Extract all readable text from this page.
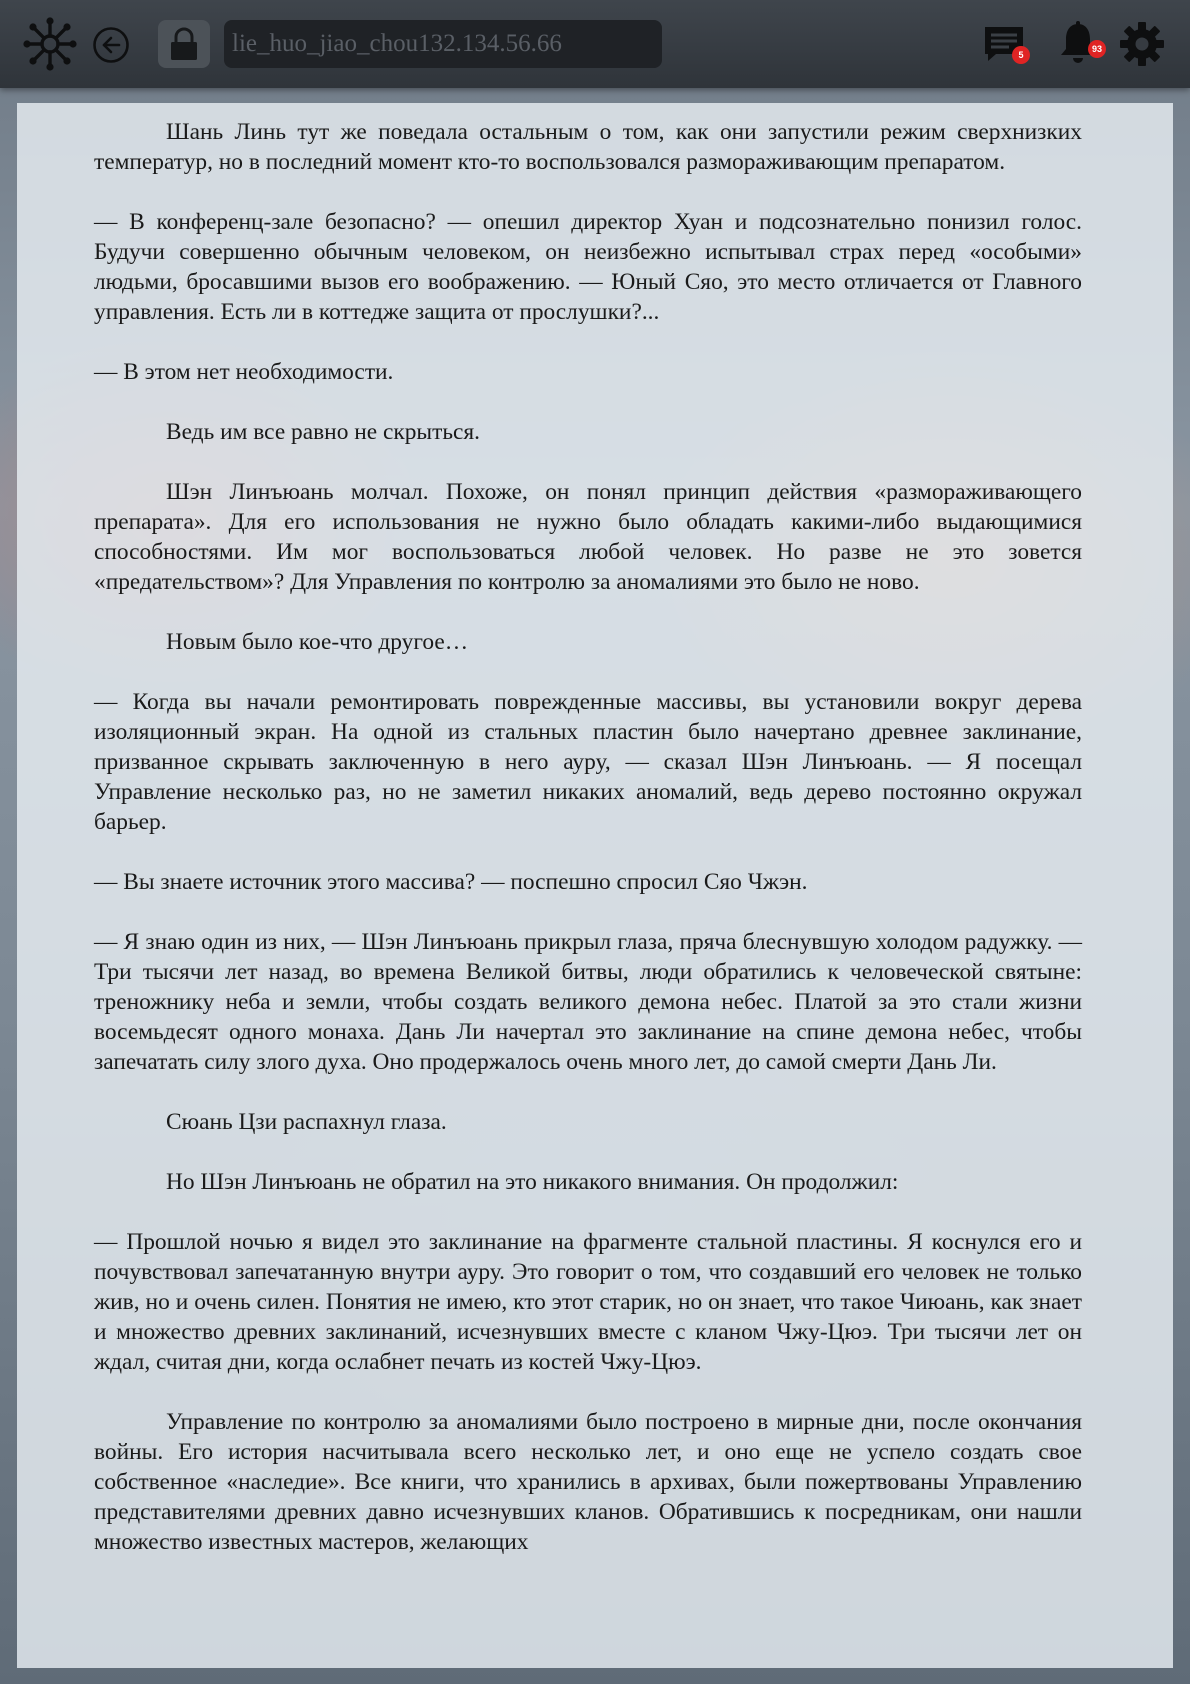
lie_huo_jiao_chou132.134.56.66	5
93

Шань Линь тут же поведала остальным о том, как они запустили режим сверхнизких температур, но в последний момент кто-то воспользовался размораживающим препаратом.

— В конференц-зале безопасно? — опешил директор Хуан и подсознательно понизил голос. Будучи совершенно обычным человеком, он неизбежно испытывал страх перед «особыми» людьми, бросавшими вызов его воображению. — Юный Сяо, это место отличается от Главного управления. Есть ли в коттедже защита от прослушки?...

— В этом нет необходимости.

Ведь им все равно не скрыться.

Шэн Линъюань молчал. Похоже, он понял принцип действия «размораживающего препарата». Для его использования не нужно было обладать какими-либо выдающимися способностями. Им мог воспользоваться любой человек. Но разве не это зовется «предательством»? Для Управления по контролю за аномалиями это было не ново.

Новым было кое-что другое…

— Когда вы начали ремонтировать поврежденные массивы, вы установили вокруг дерева изоляционный экран. На одной из стальных пластин было начертано древнее заклинание, призванное скрывать заключенную в него ауру, — сказал Шэн Линъюань. — Я посещал Управление несколько раз, но не заметил никаких аномалий, ведь дерево постоянно окружал барьер.

— Вы знаете источник этого массива? — поспешно спросил Сяо Чжэн.

— Я знаю один из них, — Шэн Линъюань прикрыл глаза, пряча блеснувшую холодом радужку. — Три тысячи лет назад, во времена Великой битвы, люди обратились к человеческой святыне: треножнику неба и земли, чтобы создать великого демона небес. Платой за это стали жизни восемьдесят одного монаха. Дань Ли начертал это заклинание на спине демона небес, чтобы запечатать силу злого духа. Оно продержалось очень много лет, до самой смерти Дань Ли.

Сюань Цзи распахнул глаза.

Но Шэн Линъюань не обратил на это никакого внимания. Он продолжил:

— Прошлой ночью я видел это заклинание на фрагменте стальной пластины. Я коснулся его и почувствовал запечатанную внутри ауру. Это говорит о том, что создавший его человек не только жив, но и очень силен. Понятия не имею, кто этот старик, но он знает, что такое Чиюань, как знает и множество древних заклинаний, исчезнувших вместе с кланом Чжу-Цюэ. Три тысячи лет он ждал, считая дни, когда ослабнет печать из костей Чжу-Цюэ.

Управление по контролю за аномалиями было построено в мирные дни, после окончания войны. Его история насчитывала всего несколько лет, и оно еще не успело создать свое собственное «наследие». Все книги, что хранились в архивах, были пожертвованы Управлению представителями древних давно исчезнувших кланов. Обратившись к посредникам, они нашли множество известных мастеров, желающих
